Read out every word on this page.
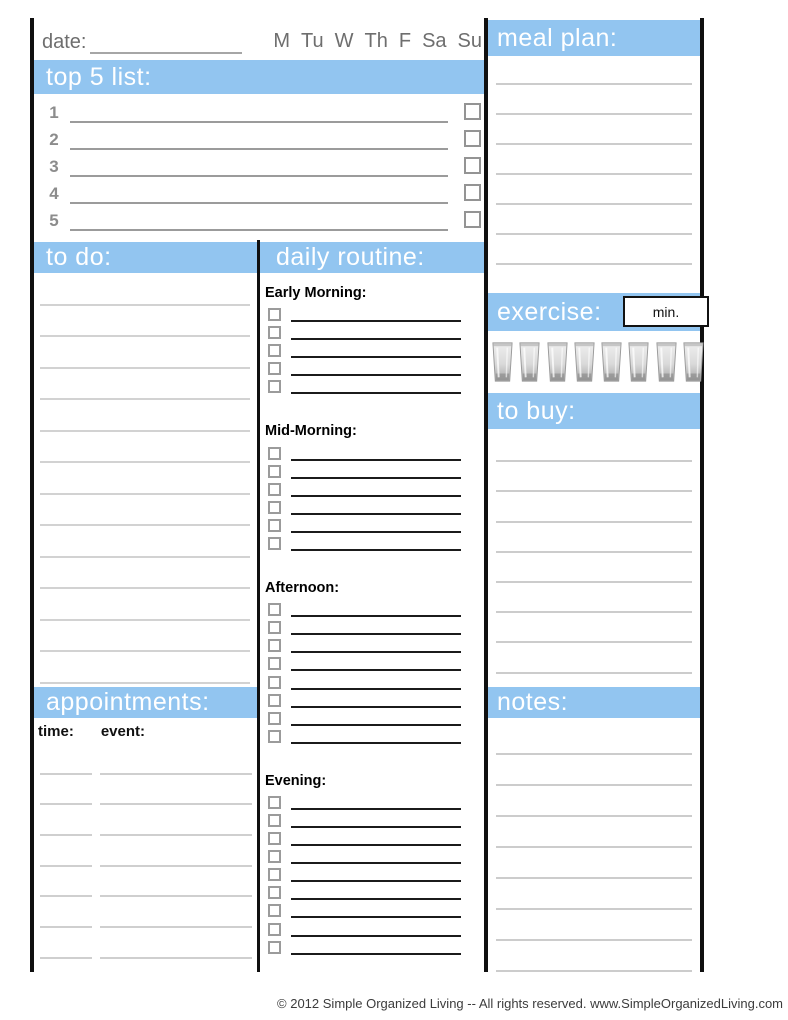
date:	M Tu W Th F Sa Su
top 5 list:
1
2
3
4
5
to do:
appointments:
time: event:
daily routine:
Early Morning:
Mid-Morning:
Afternoon:
Evening:
meal plan:
exercise:	min.
to buy:
notes:
© 2012 Simple Organized Living -- All rights reserved. www.SimpleOrganizedLiving.com
